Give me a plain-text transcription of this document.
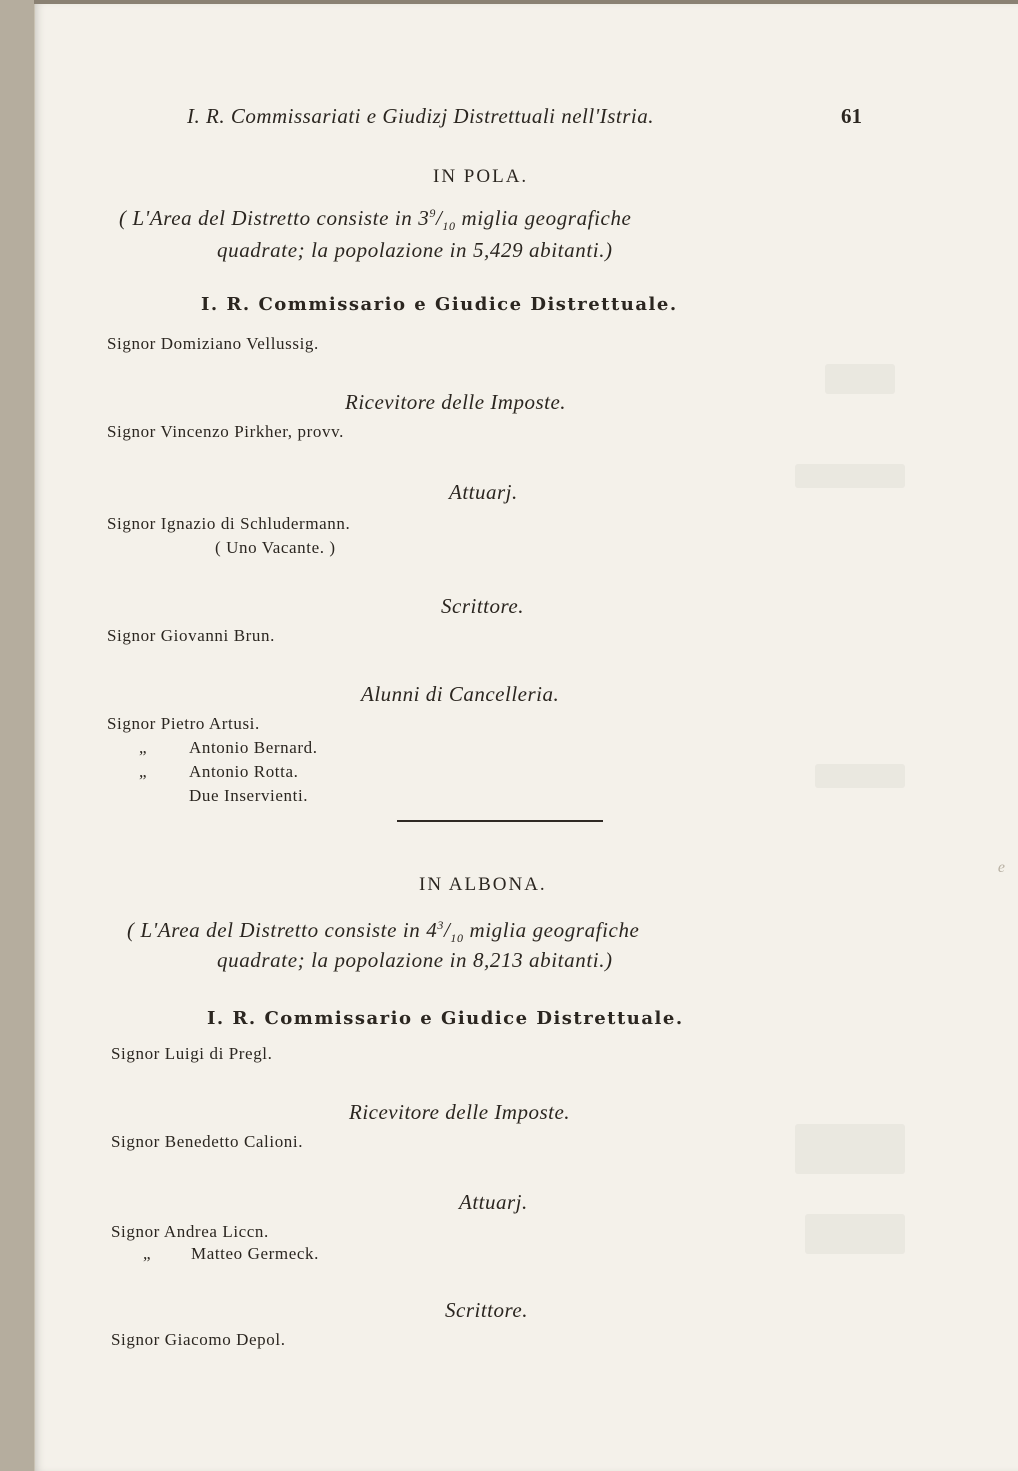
I. R. Commissariati e Giudizj Distrettuali nell'Istria.	61
IN POLA.
( L'Area del Distretto consiste in $3^9/_{10}$ miglia geografiche
quadrate; la popolazione in 5,429 abitanti.)
I. R. Commissario e Giudice Distrettuale.
Signor Domiziano Vellussig.
Ricevitore delle Imposte.
Signor Vincenzo Pirkher, provv.
Attuarj.
Signor Ignazio di Schludermann.
( Uno Vacante. )
Scrittore.
Signor Giovanni Brun.
Alunni di Cancelleria.
Signor Pietro Artusi.
„ Antonio Bernard.
„ Antonio Rotta.
Due Inservienti.
IN ALBONA.
( L'Area del Distretto consiste in $4^3/_{10}$ miglia geografiche
quadrate; la popolazione in 8,213 abitanti.)
I. R. Commissario e Giudice Distrettuale.
Signor Luigi di Pregl.
Ricevitore delle Imposte.
Signor Benedetto Calioni.
Attuarj.
Signor Andrea Liccn.
„ Matteo Germeck.
Scrittore.
Signor Giacomo Depol.
e
